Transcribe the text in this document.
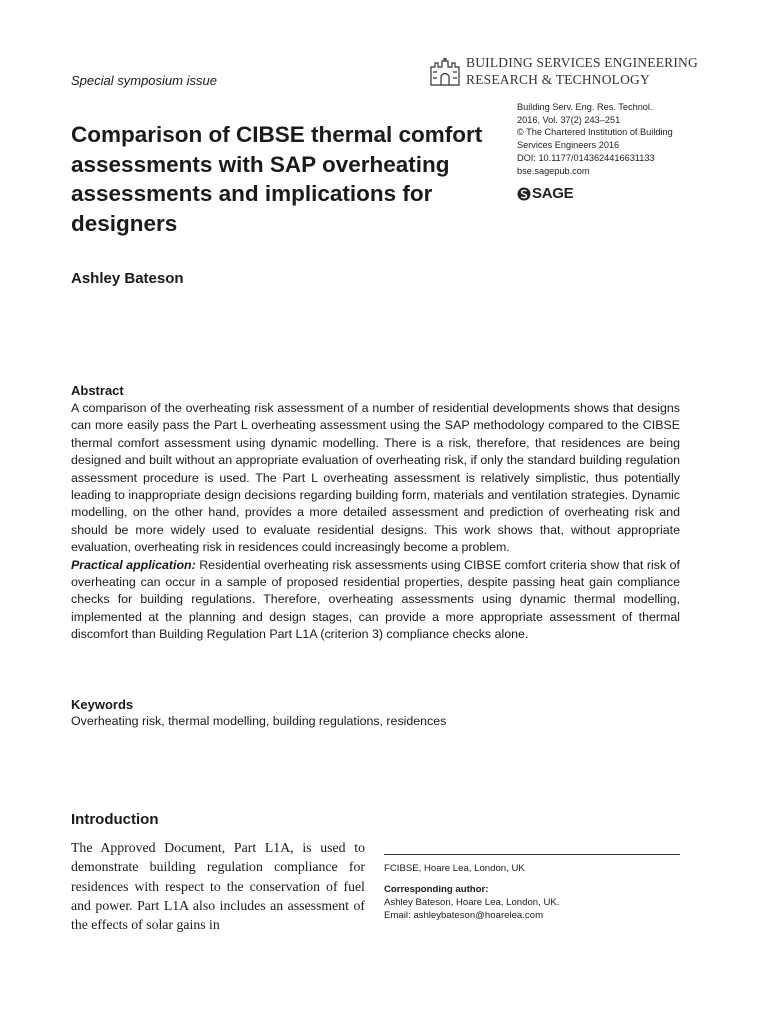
Special symposium issue
BUILDING SERVICES ENGINEERING
RESEARCH & TECHNOLOGY
Comparison of CIBSE thermal comfort assessments with SAP overheating assessments and implications for designers
Building Serv. Eng. Res. Technol.
2016, Vol. 37(2) 243–251
© The Chartered Institution of Building
Services Engineers 2016
DOI: 10.1177/0143624416631133
bse.sagepub.com
SAGE
Ashley Bateson
Abstract

A comparison of the overheating risk assessment of a number of residential developments shows that designs can more easily pass the Part L overheating assessment using the SAP methodology compared to the CIBSE thermal comfort assessment using dynamic modelling. There is a risk, therefore, that residences are being designed and built without an appropriate evaluation of overheating risk, if only the standard building regulation assessment procedure is used. The Part L overheating assessment is relatively simplistic, thus potentially leading to inappropriate design decisions regarding building form, materials and ventilation strategies. Dynamic modelling, on the other hand, provides a more detailed assessment and prediction of overheating risk and should be more widely used to evaluate residential designs. This work shows that, without appropriate evaluation, overheating risk in residences could increasingly become a problem.
Practical application: Residential overheating risk assessments using CIBSE comfort criteria show that risk of overheating can occur in a sample of proposed residential properties, despite passing heat gain compliance checks for building regulations. Therefore, overheating assessments using dynamic thermal modelling, implemented at the planning and design stages, can provide a more appropriate assessment of thermal discomfort than Building Regulation Part L1A (criterion 3) compliance checks alone.

Keywords
Overheating risk, thermal modelling, building regulations, residences
Introduction

The Approved Document, Part L1A, is used to demonstrate building regulation compliance for residences with respect to the conservation of fuel and power. Part L1A also includes an assessment of the effects of solar gains in

FCIBSE, Hoare Lea, London, UK
Corresponding author:
Ashley Bateson, Hoare Lea, London, UK.
Email: ashleybateson@hoarelea.com
